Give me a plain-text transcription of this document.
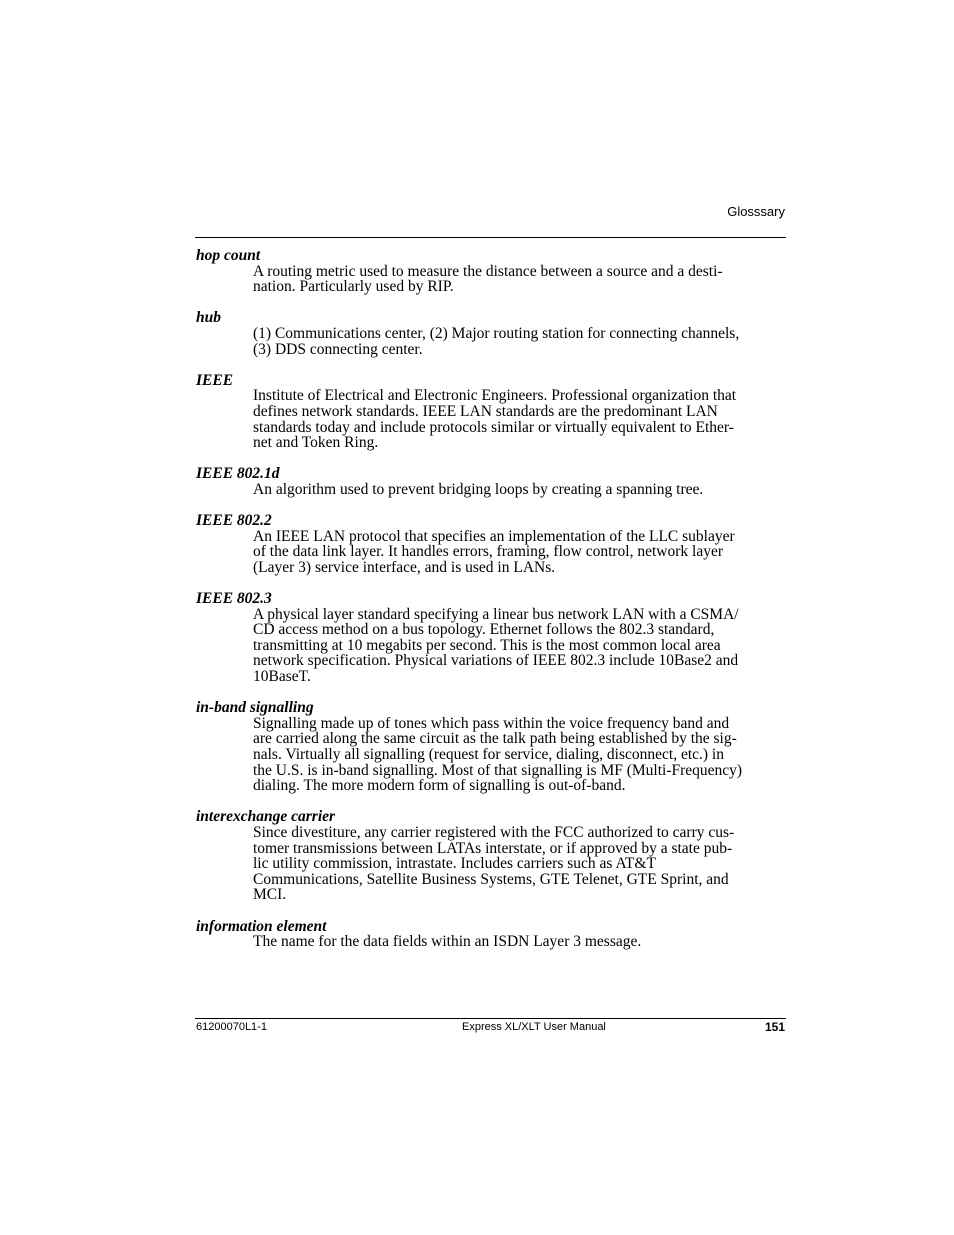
Glosssary
hop count
A routing metric used to measure the distance between a source and a desti-
nation. Particularly used by RIP.
hub
(1) Communications center, (2) Major routing station for connecting channels,
(3) DDS connecting center.
IEEE
Institute of Electrical and Electronic Engineers. Professional organization that
defines network standards. IEEE LAN standards are the predominant LAN
standards today and include protocols similar or virtually equivalent to Ether-
net and Token Ring.
IEEE 802.1d
An algorithm used to prevent bridging loops by creating a spanning tree.
IEEE 802.2
An IEEE LAN protocol that specifies an implementation of the LLC sublayer
of the data link layer. It handles errors, framing, flow control, network layer
(Layer 3) service interface, and is used in LANs.
IEEE 802.3
A physical layer standard specifying a linear bus network LAN with a CSMA/
CD access method on a bus topology. Ethernet follows the 802.3 standard,
transmitting at 10 megabits per second. This is the most common local area
network specification. Physical variations of IEEE 802.3 include 10Base2 and
10BaseT.
in-band signalling
Signalling made up of tones which pass within the voice frequency band and
are carried along the same circuit as the talk path being established by the sig-
nals. Virtually all signalling (request for service, dialing, disconnect, etc.) in
the U.S. is in-band signalling. Most of that signalling is MF (Multi-Frequency)
dialing. The more modern form of signalling is out-of-band.
interexchange carrier
Since divestiture, any carrier registered with the FCC authorized to carry cus-
tomer transmissions between LATAs interstate, or if approved by a state pub-
lic utility commission, intrastate. Includes carriers such as AT&T
Communications, Satellite Business Systems, GTE Telenet, GTE Sprint, and
MCI.
information element
The name for the data fields within an ISDN Layer 3 message.
61200070L1-1	Express XL/XLT User Manual	151
